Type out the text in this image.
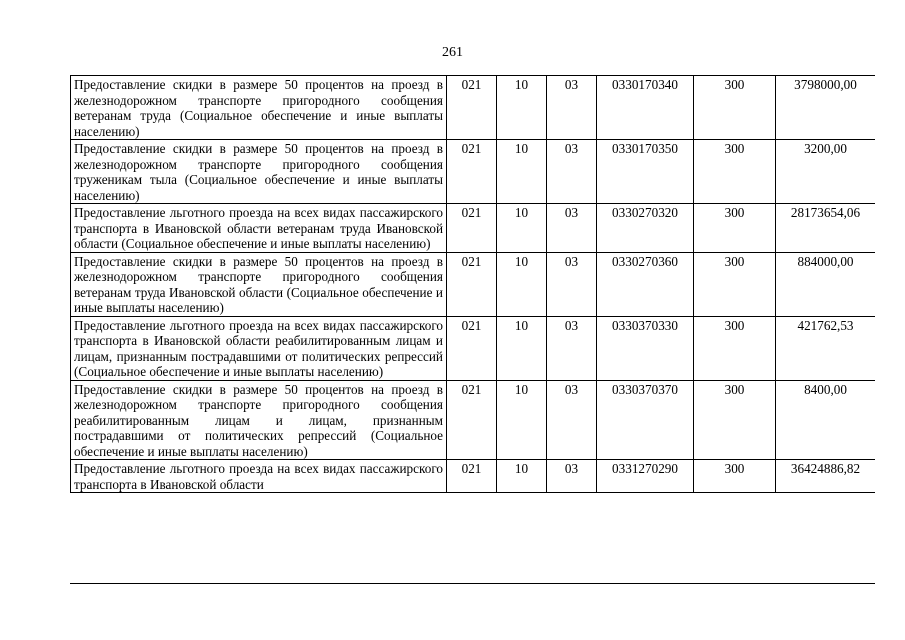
261
Предоставление скидки в размере 50 процентов на проезд в железнодорожном транспорте пригородного сообщения ветеранам труда (Социальное обеспечение и иные выплаты населению)	021	10	03	0330170340	300	3798000,00
Предоставление скидки в размере 50 процентов на проезд в железнодорожном транспорте пригородного сообщения труженикам тыла (Социальное обеспечение и иные выплаты населению)	021	10	03	0330170350	300	3200,00
Предоставление льготного проезда на всех видах пассажирского транспорта в Ивановской области ветеранам труда Ивановской области (Социальное обеспечение и иные выплаты населению)	021	10	03	0330270320	300	28173654,06
Предоставление скидки в размере 50 процентов на проезд в железнодорожном транспорте пригородного сообщения ветеранам труда Ивановской области (Социальное обеспечение и иные выплаты населению)	021	10	03	0330270360	300	884000,00
Предоставление льготного проезда на всех видах пассажирского транспорта в Ивановской области реабилитированным лицам и лицам, признанным пострадавшими от политических репрессий (Социальное обеспечение и иные выплаты населению)	021	10	03	0330370330	300	421762,53
Предоставление скидки в размере 50 процентов на проезд в железнодорожном транспорте пригородного сообщения реабилитированным лицам и лицам, признанным пострадавшими от политических репрессий (Социальное обеспечение и иные выплаты населению)	021	10	03	0330370370	300	8400,00
Предоставление льготного проезда на всех видах пассажирского транспорта в Ивановской области	021	10	03	0331270290	300	36424886,82
